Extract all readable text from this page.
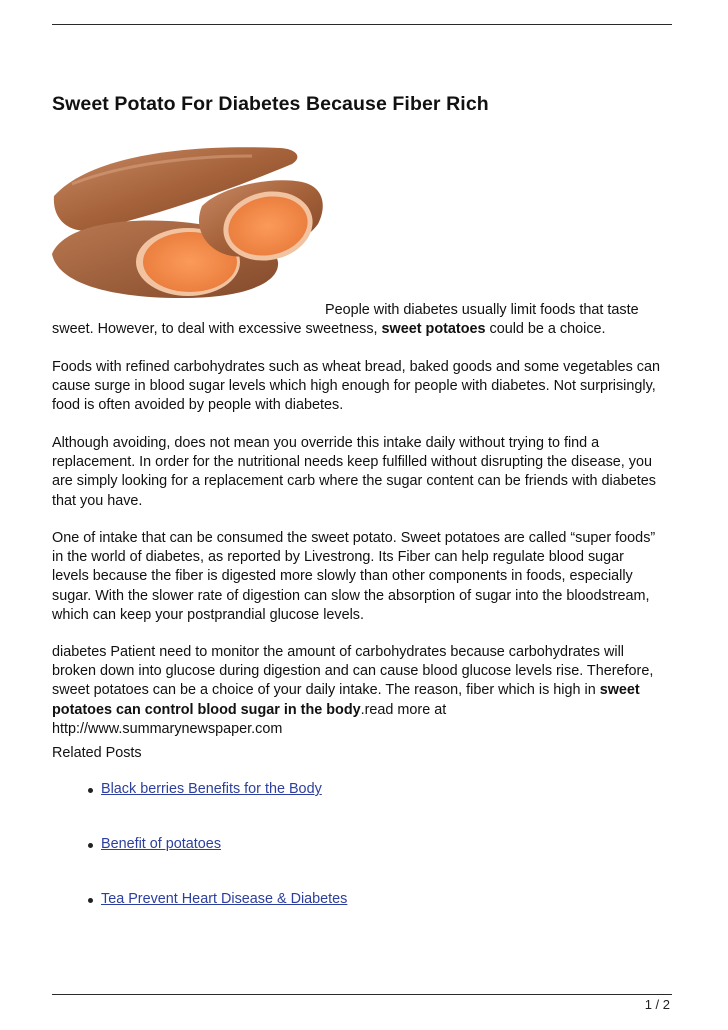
Sweet Potato For Diabetes Because Fiber Rich

People with diabetes usually limit foods that taste
sweet. However, to deal with excessive sweetness, sweet potatoes could be a choice.

Foods with refined carbohydrates such as wheat bread, baked goods and some vegetables can
cause surge in blood sugar levels which high enough for people with diabetes. Not surprisingly,
food is often avoided by people with diabetes.

Although avoiding, does not mean you override this intake daily without trying to find a
replacement. In order for the nutritional needs keep fulfilled without disrupting the disease, you
are simply looking for a replacement carb where the sugar content can be friends with diabetes
that you have.

One of intake that can be consumed the sweet potato. Sweet potatoes are called “super foods”
in the world of diabetes, as reported by Livestrong. Its Fiber can help regulate blood sugar
levels because the fiber is digested more slowly than other components in foods, especially
sugar. With the slower rate of digestion can slow the absorption of sugar into the bloodstream,
which can keep your postprandial glucose levels.

diabetes Patient need to monitor the amount of carbohydrates because carbohydrates will
broken down into glucose during digestion and can cause blood glucose levels rise. Therefore,
sweet potatoes can be a choice of your daily intake. The reason, fiber which is high in sweet
potatoes can control blood sugar in the body.read more at
http://www.summarynewspaper.com

Related Posts
Black berries Benefits for the Body
Benefit of potatoes
Tea Prevent Heart Disease & Diabetes
1 / 2
